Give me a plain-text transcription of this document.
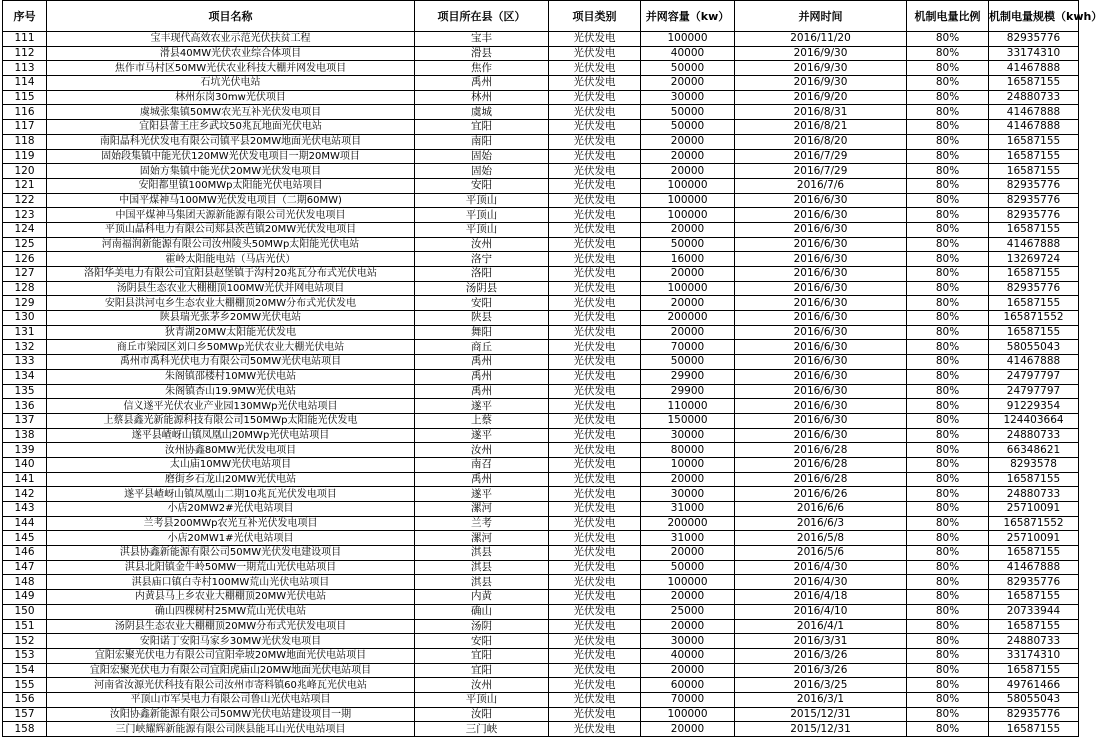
序号	项目名称	项目所在县（区）	项目类别	并网容量（kw）	并网时间	机制电量比例	机制电量规模（kwh）
111	宝丰现代高效农业示范光伏扶贫工程	宝丰	光伏发电	100000	2016/11/20	80%	82935776
112	滑县40MW光伏农业综合体项目	滑县	光伏发电	40000	2016/9/30	80%	33174310
113	焦作市马村区50MW光伏农业科技大棚并网发电项目	焦作	光伏发电	50000	2016/9/30	80%	41467888
114	石坑光伏电站	禹州	光伏发电	20000	2016/9/30	80%	16587155
115	林州东岗30mw光伏项目	林州	光伏发电	30000	2016/9/20	80%	24880733
116	虞城张集镇50MW农光互补光伏发电项目	虞城	光伏发电	50000	2016/8/31	80%	41467888
117	宜阳县蕾王庄乡武坟50兆瓦地面光伏电站	宜阳	光伏发电	50000	2016/8/21	80%	41467888
118	南阳晶科光伏发电有限公司镇平县20MW地面光伏电站项目	南阳	光伏发电	20000	2016/8/20	80%	16587155
119	固始段集镇中能光伏120MW光伏发电项目一期20MW项目	固始	光伏发电	20000	2016/7/29	80%	16587155
120	固始方集镇中能光伏20MW光伏发电项目	固始	光伏发电	20000	2016/7/29	80%	16587155
121	安阳都里镇100MWp太阳能光伏电站项目	安阳	光伏发电	100000	2016/7/6	80%	82935776
122	中国平煤神马100MW光伏发电项目（二期60MW)	平顶山	光伏发电	100000	2016/6/30	80%	82935776
123	中国平煤神马集团天源新能源有限公司光伏发电项目	平顶山	光伏发电	100000	2016/6/30	80%	82935776
124	平顶山晶科电力有限公司郏县茨芭镇20MW光伏发电项目	平顶山	光伏发电	20000	2016/6/30	80%	16587155
125	河南福润新能源有限公司汝州陵头50MWp太阳能光伏电站	汝州	光伏发电	50000	2016/6/30	80%	41467888
126	霍岭太阳能电站（马店光伏）	洛宁	光伏发电	16000	2016/6/30	80%	13269724
127	洛阳华美电力有限公司宜阳县赵堡镇于沟村20兆瓦分布式光伏电站	洛阳	光伏发电	20000	2016/6/30	80%	16587155
128	汤阴县生态农业大棚棚顶100MW光伏并网电站项目	汤阴县	光伏发电	100000	2016/6/30	80%	82935776
129	安阳县洪河屯乡生态农业大棚棚顶20MW分布式光伏发电	安阳	光伏发电	20000	2016/6/30	80%	16587155
130	陕县瑞光张茅乡20MW光伏电站	陕县	光伏发电	200000	2016/6/30	80%	165871552
131	狄青湖20MW太阳能光伏发电	舞阳	光伏发电	20000	2016/6/30	80%	16587155
132	商丘市梁园区刘口乡50MWp光伏农业大棚光伏电站	商丘	光伏发电	70000	2016/6/30	80%	58055043
133	禹州市禹科光伏电力有限公司50MW光伏电站项目	禹州	光伏发电	50000	2016/6/30	80%	41467888
134	朱阁镇邵楼村10MW光伏电站	禹州	光伏发电	29900	2016/6/30	80%	24797797
135	朱阁镇杏山19.9MW光伏电站	禹州	光伏发电	29900	2016/6/30	80%	24797797
136	信义遂平光伏农业产业园130MWp光伏电站项目	遂平	光伏发电	110000	2016/6/30	80%	91229354
137	上蔡县鑫光新能源科技有限公司150MWp太阳能光伏发电	上蔡	光伏发电	150000	2016/6/30	80%	124403664
138	遂平县嵖岈山镇凤凰山20MWp光伏电站项目	遂平	光伏发电	30000	2016/6/30	80%	24880733
139	汝州协鑫80MW光伏发电项目	汝州	光伏发电	80000	2016/6/28	80%	66348621
140	太山庙10MW光伏电站项目	南召	光伏发电	10000	2016/6/28	80%	8293578
141	磨街乡石龙山20MW光伏电站	禹州	光伏发电	20000	2016/6/28	80%	16587155
142	遂平县嵖岈山镇凤凰山二期10兆瓦光伏发电项目	遂平	光伏发电	30000	2016/6/26	80%	24880733
143	小店20MW2#光伏电站项目	漯河	光伏发电	31000	2016/6/6	80%	25710091
144	兰考县200MWp农光互补光伏发电项目	兰考	光伏发电	200000	2016/6/3	80%	165871552
145	小店20MW1#光伏电站项目	漯河	光伏发电	31000	2016/5/8	80%	25710091
146	淇县协鑫新能源有限公司50MW光伏发电建设项目	淇县	光伏发电	20000	2016/5/6	80%	16587155
147	淇县北阳镇金牛岭50MW一期荒山光伏电站项目	淇县	光伏发电	50000	2016/4/30	80%	41467888
148	淇县庙口镇白寺村100MW荒山光伏电站项目	淇县	光伏发电	100000	2016/4/30	80%	82935776
149	内黄县马上乡农业大棚棚顶20MW光伏电站	内黄	光伏发电	20000	2016/4/18	80%	16587155
150	确山四棵树村25MW荒山光伏电站	确山	光伏发电	25000	2016/4/10	80%	20733944
151	汤阴县生态农业大棚棚顶20MW分布式光伏发电项目	汤阴	光伏发电	20000	2016/4/1	80%	16587155
152	安阳诺丁安阳马家乡30MW光伏发电项目	安阳	光伏发电	30000	2016/3/31	80%	24880733
153	宜阳宏聚光伏电力有限公司宜阳牵坡20MW地面光伏电站项目	宜阳	光伏发电	40000	2016/3/26	80%	33174310
154	宜阳宏聚光伏电力有限公司宜阳虎庙山20MW地面光伏电站项目	宜阳	光伏发电	20000	2016/3/26	80%	16587155
155	河南省汝源光伏科技有限公司汝州市寄料镇60兆峰瓦光伏电站	汝州	光伏发电	60000	2016/3/25	80%	49761466
156	平顶山市军昊电力有限公司鲁山光伏电站项目	平顶山	光伏发电	70000	2016/3/1	80%	58055043
157	汝阳协鑫新能源有限公司50MW光伏电站建设项目一期	汝阳	光伏发电	100000	2015/12/31	80%	82935776
158	三门峡耀辉新能源有限公司陕县能耳山光伏电站项目	三门峡	光伏发电	20000	2015/12/31	80%	16587155
